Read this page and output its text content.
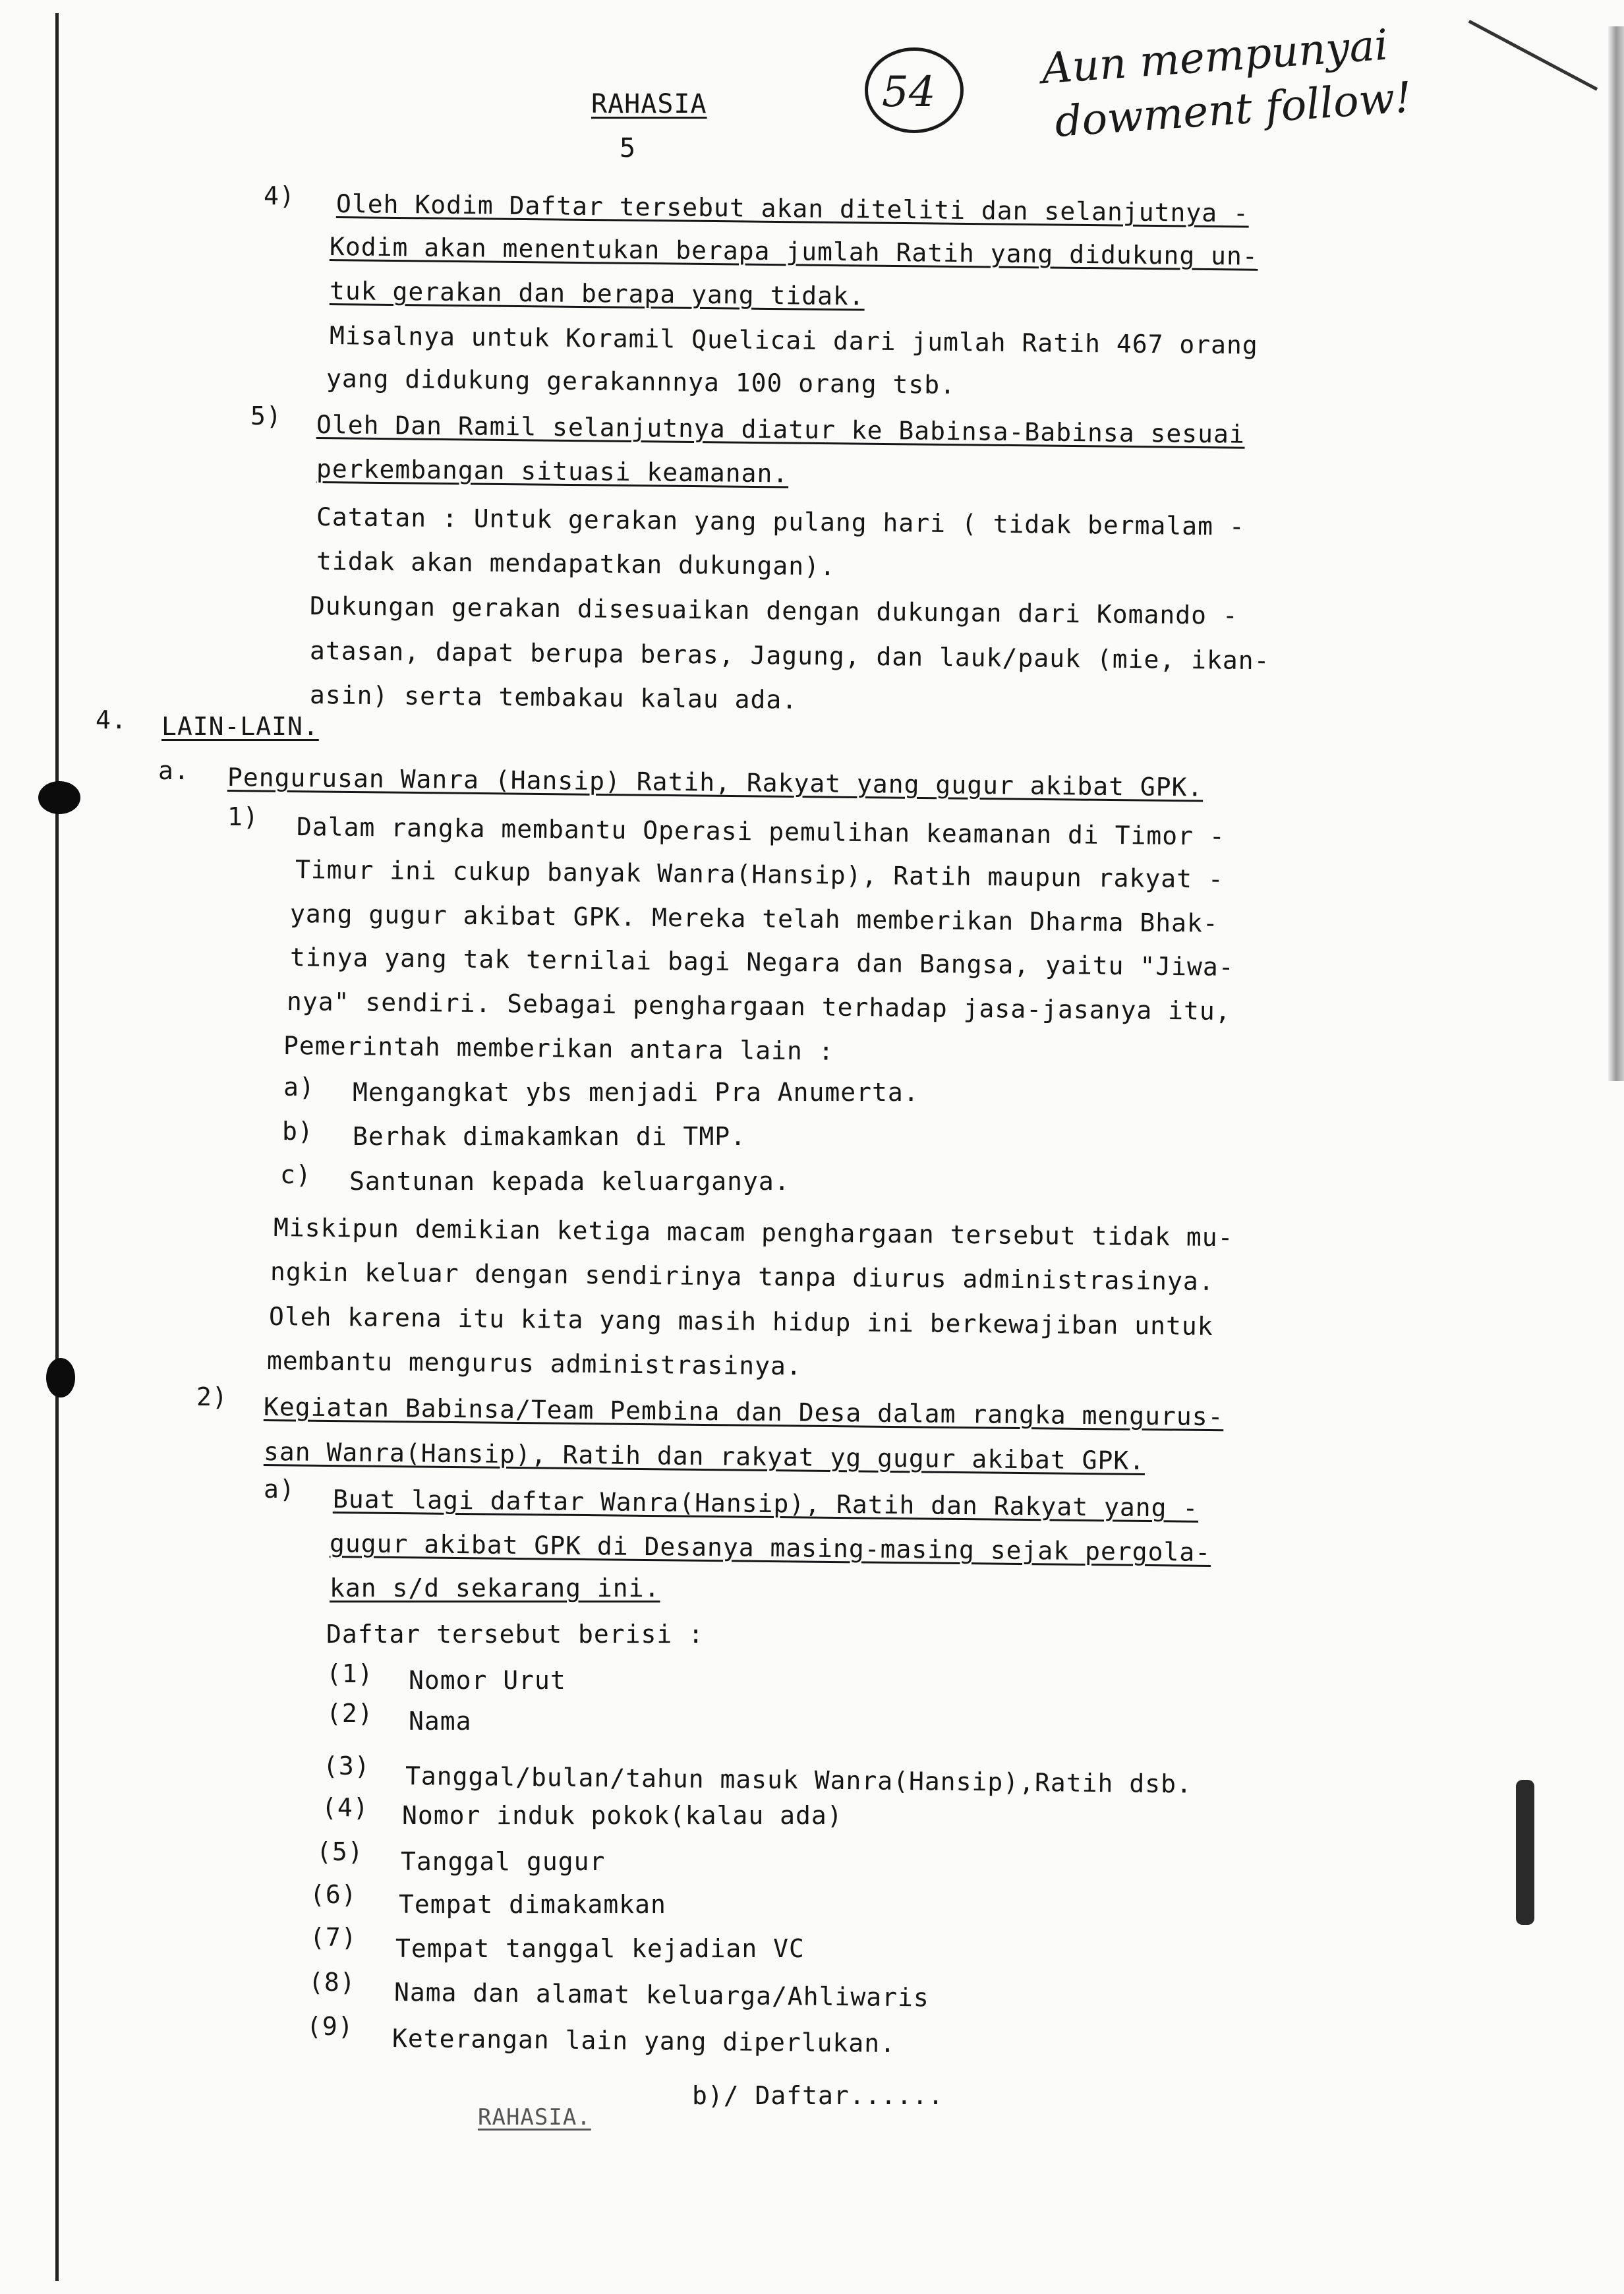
RAHASIA
5
54 Aun mempunyai
dowment follow!
4) Oleh Kodim Daftar tersebut akan diteliti dan selanjutnya -
Kodim akan menentukan berapa jumlah Ratih yang didukung un-
tuk gerakan dan berapa yang tidak.
Misalnya untuk Koramil Quelicai dari jumlah Ratih 467 orang
yang didukung gerakannnya 100 orang tsb.
5) Oleh Dan Ramil selanjutnya diatur ke Babinsa-Babinsa sesuai
perkembangan situasi keamanan.
Catatan : Untuk gerakan yang pulang hari ( tidak bermalam -
tidak akan mendapatkan dukungan).
Dukungan gerakan disesuaikan dengan dukungan dari Komando -
atasan, dapat berupa beras, Jagung, dan lauk/pauk (mie, ikan-
asin) serta tembakau kalau ada.
4. LAIN-LAIN.
a. Pengurusan Wanra (Hansip) Ratih, Rakyat yang gugur akibat GPK.
1) Dalam rangka membantu Operasi pemulihan keamanan di Timor -
Timur ini cukup banyak Wanra(Hansip), Ratih maupun rakyat -
yang gugur akibat GPK. Mereka telah memberikan Dharma Bhak-
tinya yang tak ternilai bagi Negara dan Bangsa, yaitu "Jiwa-
nya" sendiri. Sebagai penghargaan terhadap jasa-jasanya itu,
Pemerintah memberikan antara lain :
a) Mengangkat ybs menjadi Pra Anumerta.
b) Berhak dimakamkan di TMP.
c) Santunan kepada keluarganya.
Miskipun demikian ketiga macam penghargaan tersebut tidak mu-
ngkin keluar dengan sendirinya tanpa diurus administrasinya.
Oleh karena itu kita yang masih hidup ini berkewajiban untuk
membantu mengurus administrasinya.
2) Kegiatan Babinsa/Team Pembina dan Desa dalam rangka mengurus-
san Wanra(Hansip), Ratih dan rakyat yg gugur akibat GPK.
a) Buat lagi daftar Wanra(Hansip), Ratih dan Rakyat yang -
gugur akibat GPK di Desanya masing-masing sejak pergola-
kan s/d sekarang ini.
Daftar tersebut berisi :
(1) Nomor Urut
(2) Nama
(3) Tanggal/bulan/tahun masuk Wanra(Hansip),Ratih dsb.
(4) Nomor induk pokok(kalau ada)
(5) Tanggal gugur
(6) Tempat dimakamkan
(7) Tempat tanggal kejadian VC
(8) Nama dan alamat keluarga/Ahliwaris
(9) Keterangan lain yang diperlukan.
RAHASIA.
b)/ Daftar......
